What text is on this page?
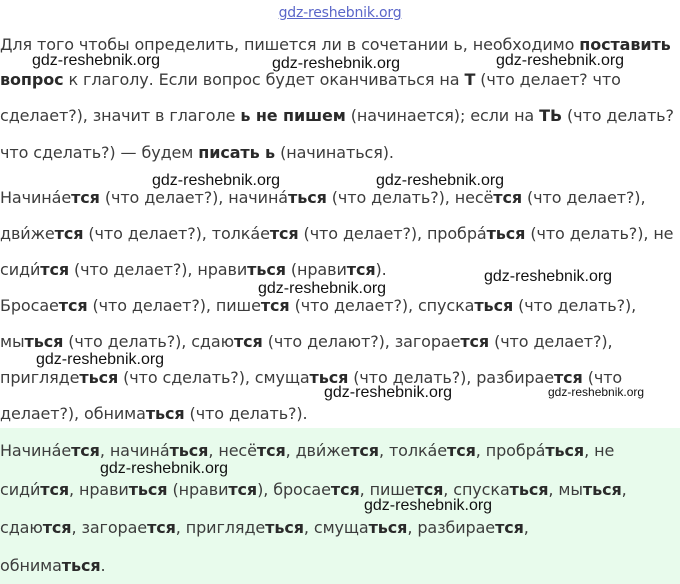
gdz-reshebnik.org
Для того чтобы определить, пишется ли в сочетании ь, необходимо поставить
вопрос к глаголу. Если вопрос будет оканчиваться на Т (что делает? что
сделает?), значит в глаголе ь не пишем (начинается); если на ТЬ (что делать?
что сделать?) — будем писать ь (начинаться).
Начина́ется (что делает?), начина́ться (что делать?), несётся (что делает?),
дви́жется (что делает?), толка́ется (что делает?), пробра́ться (что делать?), не
сиди́тся (что делает?), нравиться (нравится).
Бросается (что делает?), пишется (что делает?), спускаться (что делать?),
мыться (что делать?), сдаются (что делают?), загорается (что делает?),
приглядeться (что сделать?), смущаться (что делать?), разбирается (что
делает?), обниматься (что делать?).
Начина́ется, начина́ться, несётся, дви́жется, толка́ется, пробра́ться, не
сиди́тся, нравиться (нравится), бросается, пишется, спускаться, мыться,
сдаются, загорается, приглядеться, смущаться, разбирается,
обниматься.
gdz-reshebnik.org	gdz-reshebnik.org	gdz-reshebnik.org
gdz-reshebnik.org	gdz-reshebnik.org
gdz-reshebnik.org
gdz-reshebnik.org
gdz-reshebnik.org
gdz-reshebnik.org	gdz-reshebnik.org
gdz-reshebnik.org
gdz-reshebnik.org
